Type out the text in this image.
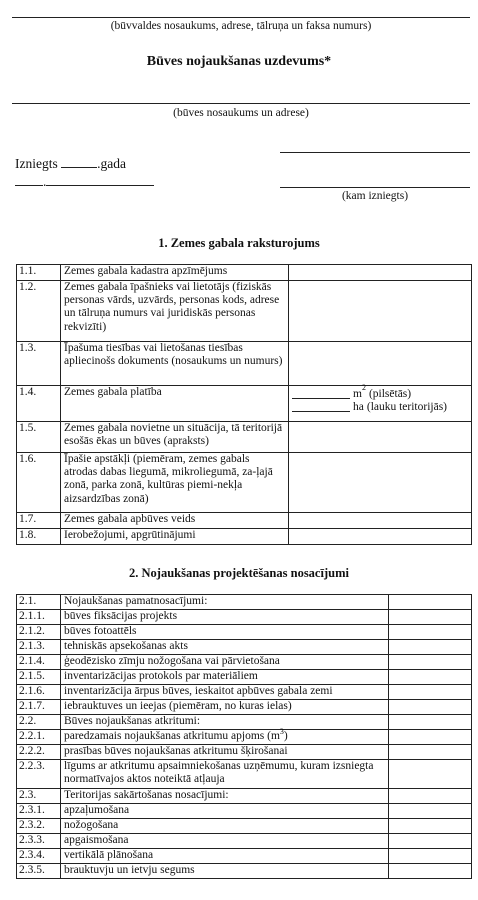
(būvvaldes nosaukums, adrese, tālruņa un faksa numurs)
Būves nojaukšanas uzdevums*
(būves nosaukums un adrese)
Izniegts	.gada
.
(kam izniegts)
1. Zemes gabala raksturojums
1.1.	Zemes gabala kadastra apzīmējums	
1.2.	Zemes gabala īpašnieks vai lietotājs (fiziskās personas vārds, uzvārds, personas kods, adrese un tālruņa numurs vai juridiskās personas rekvizīti)	
1.3.	Īpašuma tiesības vai lietošanas tiesības apliecinošs dokuments (nosaukums un numurs)	
1.4.	Zemes gabala platība	m
2
(pilsētās)
ha (lauku teritorijās)

1.5.	Zemes gabala novietne un situācija, tā teritorijā esošās ēkas un būves (apraksts)	
1.6.	Īpašie apstākļi (piemēram, zemes gabals atrodas dabas liegumā, mikroliegumā, za-ļajā zonā, parka zonā, kultūras piemi-nekļa aizsardzības zonā)	
1.7.	Zemes gabala apbūves veids	
1.8.	Ierobežojumi, apgrūtinājumi	
2. Nojaukšanas projektēšanas nosacījumi
2.1.	Nojaukšanas pamatnosacījumi:	
2.1.1.	būves fiksācijas projekts	
2.1.2.	būves fotoattēls	
2.1.3.	tehniskās apsekošanas akts	
2.1.4.	ģeodēzisko zīmju nožogošana vai pārvietošana	
2.1.5.	inventarizācijas protokols par materiāliem	
2.1.6.	inventarizācija ārpus būves, ieskaitot apbūves gabala zemi	
2.1.7.	iebrauktuves un ieejas (piemēram, no kuras ielas)	
2.2.	Būves nojaukšanas atkritumi:	
2.2.1.	paredzamais nojaukšanas atkritumu apjoms $(m^3)$	
2.2.2.	prasības būves nojaukšanas atkritumu šķirošanai	
2.2.3.	līgums ar atkritumu apsaimniekošanas uzņēmumu, kuram izsniegta normatīvajos aktos noteiktā atļauja	
2.3.	Teritorijas sakārtošanas nosacījumi:	
2.3.1.	apzaļumošana	
2.3.2.	nožogošana	
2.3.3.	apgaismošana	
2.3.4.	vertikālā plānošana	
2.3.5.	brauktuvju un ietvju segums	
